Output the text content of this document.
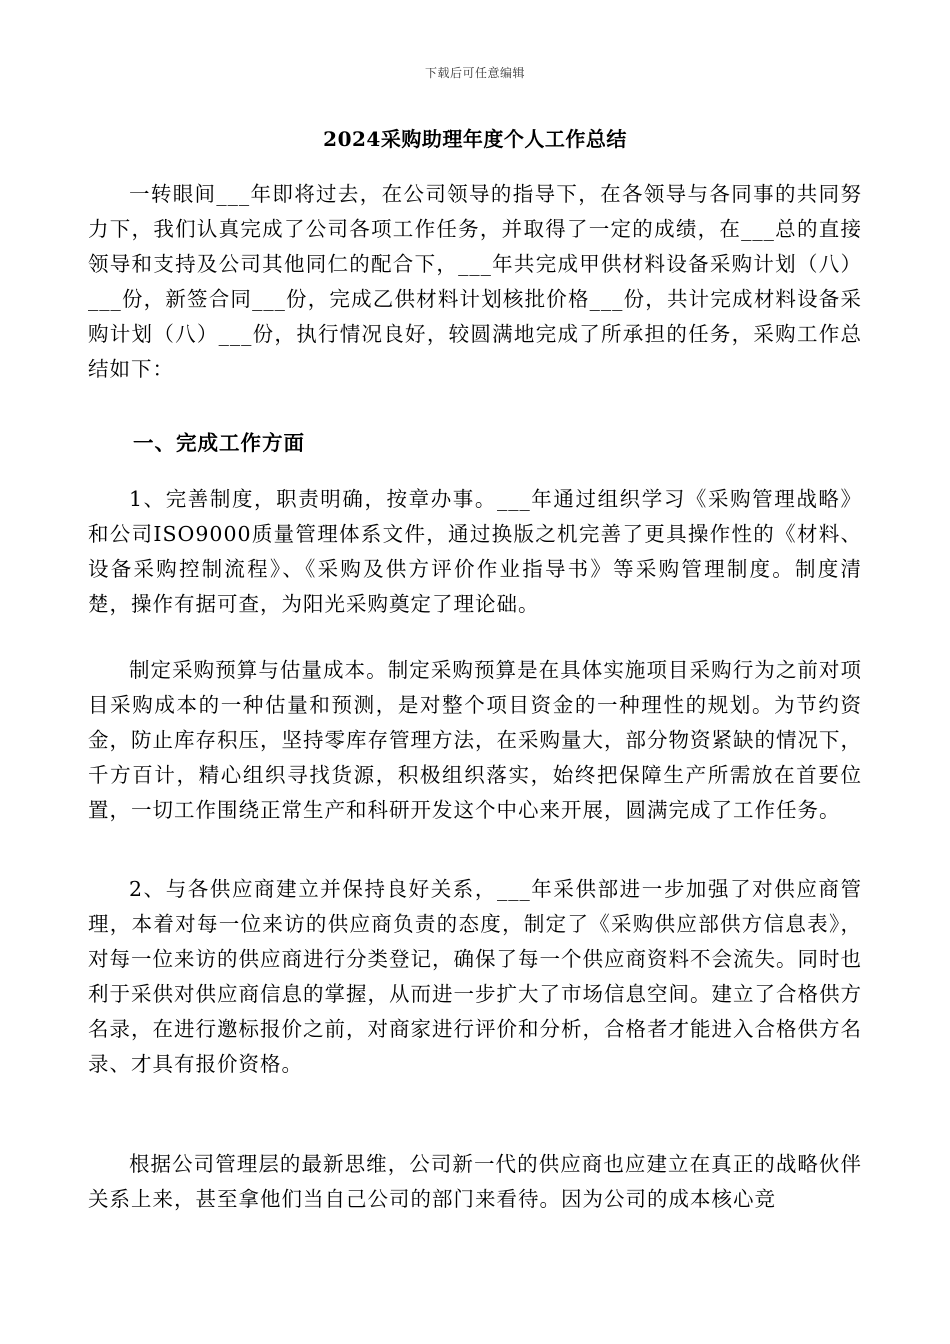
下载后可任意编辑
2024采购助理年度个人工作总结

一转眼间___年即将过去，在公司领导的指导下，在各领导与各同事的共同努力下，我们认真完成了公司各项工作任务，并取得了一定的成绩，在___总的直接领导和支持及公司其他同仁的配合下，___年共完成甲供材料设备采购计划（八）___份，新签合同___份，完成乙供材料计划核批价格___份，共计完成材料设备采购计划（八）___份，执行情况良好，较圆满地完成了所承担的任务，采购工作总结如下：

一、完成工作方面

1、完善制度，职责明确，按章办事。___年通过组织学习《采购管理战略》和公司ISO9000质量管理体系文件，通过换版之机完善了更具操作性的《材料、设备采购控制流程》、《采购及供方评价作业指导书》等采购管理制度。制度清楚，操作有据可查，为阳光采购奠定了理论础。

制定采购预算与估量成本。制定采购预算是在具体实施项目采购行为之前对项目采购成本的一种估量和预测，是对整个项目资金的一种理性的规划。为节约资金，防止库存积压，坚持零库存管理方法，在采购量大，部分物资紧缺的情况下，千方百计，精心组织寻找货源，积极组织落实，始终把保障生产所需放在首要位置，一切工作围绕正常生产和科研开发这个中心来开展，圆满完成了工作任务。

2、与各供应商建立并保持良好关系，___年采供部进一步加强了对供应商管理，本着对每一位来访的供应商负责的态度，制定了《采购供应部供方信息表》，对每一位来访的供应商进行分类登记，确保了每一个供应商资料不会流失。同时也利于采供对供应商信息的掌握，从而进一步扩大了市场信息空间。建立了合格供方名录，在进行邀标报价之前，对商家进行评价和分析，合格者才能进入合格供方名录、才具有报价资格。

根据公司管理层的最新思维，公司新一代的供应商也应建立在真正的战略伙伴关系上来，甚至拿他们当自己公司的部门来看待。因为公司的成本核心竞
